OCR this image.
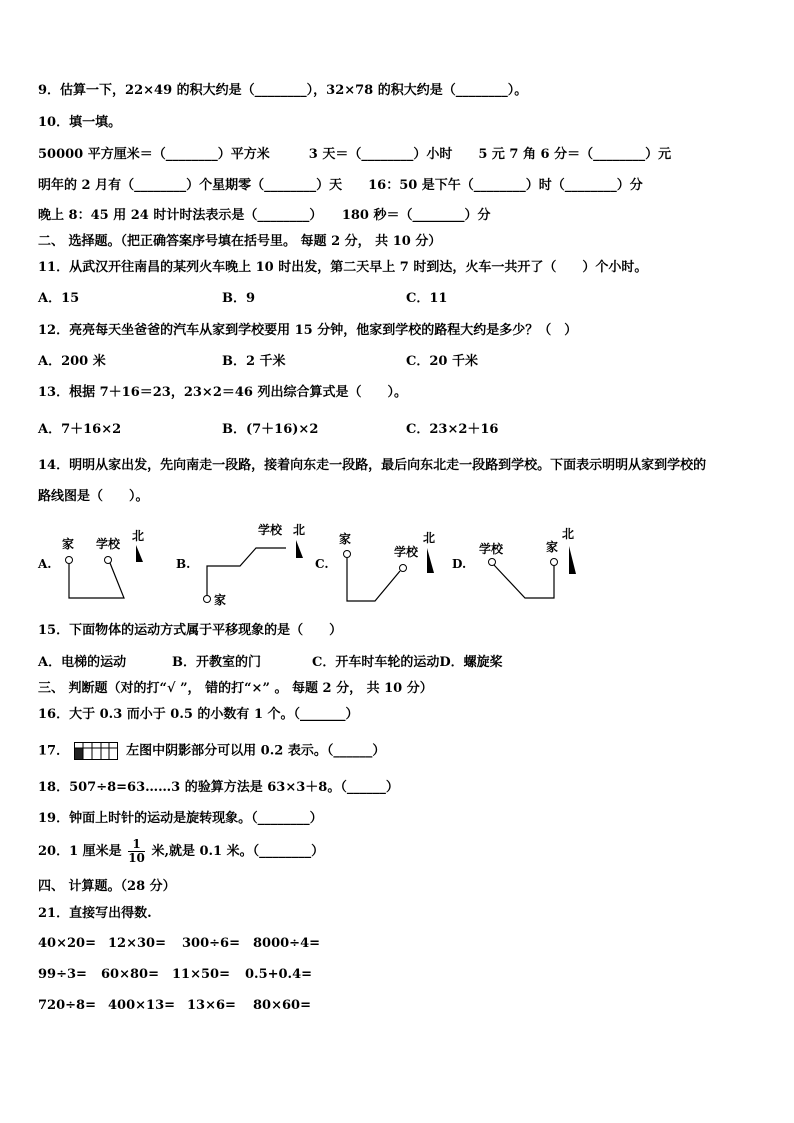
9．估算一下，22×49 的积大约是（________），32×78 的积大约是（________）。
10．填一填。
50000 平方厘米＝（________）平方米　　　3 天＝（________）小时　　5 元 7 角 6 分＝（________）元
明年的 2 月有（________）个星期零（________）天　　16：50 是下午（________）时（________）分
晚上 8：45 用 24 时计时法表示是（________）　　180 秒＝（________）分
二、 选择题。（把正确答案序号填在括号里。 每题 2 分， 共 10 分）
11．从武汉开往南昌的某列火车晚上 10 时出发，第二天早上 7 时到达，火车一共开了（　　）个小时。
A．15	B．9	C．11
12．亮亮每天坐爸爸的汽车从家到学校要用 15 分钟，他家到学校的路程大约是多少？（　）
A．200 米	B．2 千米	C．20 千米
13．根据 7＋16＝23，23×2＝46 列出综合算式是（　　）。
A．7＋16×2	B．(7＋16)×2	C．23×2＋16
14．明明从家出发，先向南走一段路，接着向东走一段路，最后向东北走一段路到学校。下面表示明明从家到学校的
路线图是（　　）。
A.
家 学校
北
B.
学校 北
家
C.
家
学校
北
D.
学校	家
北
15．下面物体的运动方式属于平移现象的是（　　）
A．电梯的运动	B．开教室的门	C．开车时车轮的运动D．螺旋桨
三、 判断题（对的打“√ ”， 错的打“×” 。 每题 2 分， 共 10 分）
16．大于 0.3 而小于 0.5 的小数有 1 个。（_______）
17．	左图中阴影部分可以用 0.2 表示。（______）
18．507÷8=63……3 的验算方法是 63×3＋8。（______）
19．钟面上时针的运动是旋转现象。（________）
20．1 厘米是 $\frac{1}{10}$ 米,就是 0.1 米。（________）
四、 计算题。（28 分）
21．直接写出得数.
40×20= 12×30= 300÷6= 8000÷4=
99÷3= 60×80= 11×50= 0.5+0.4=
720÷8= 400×13= 13×6= 80×60=
